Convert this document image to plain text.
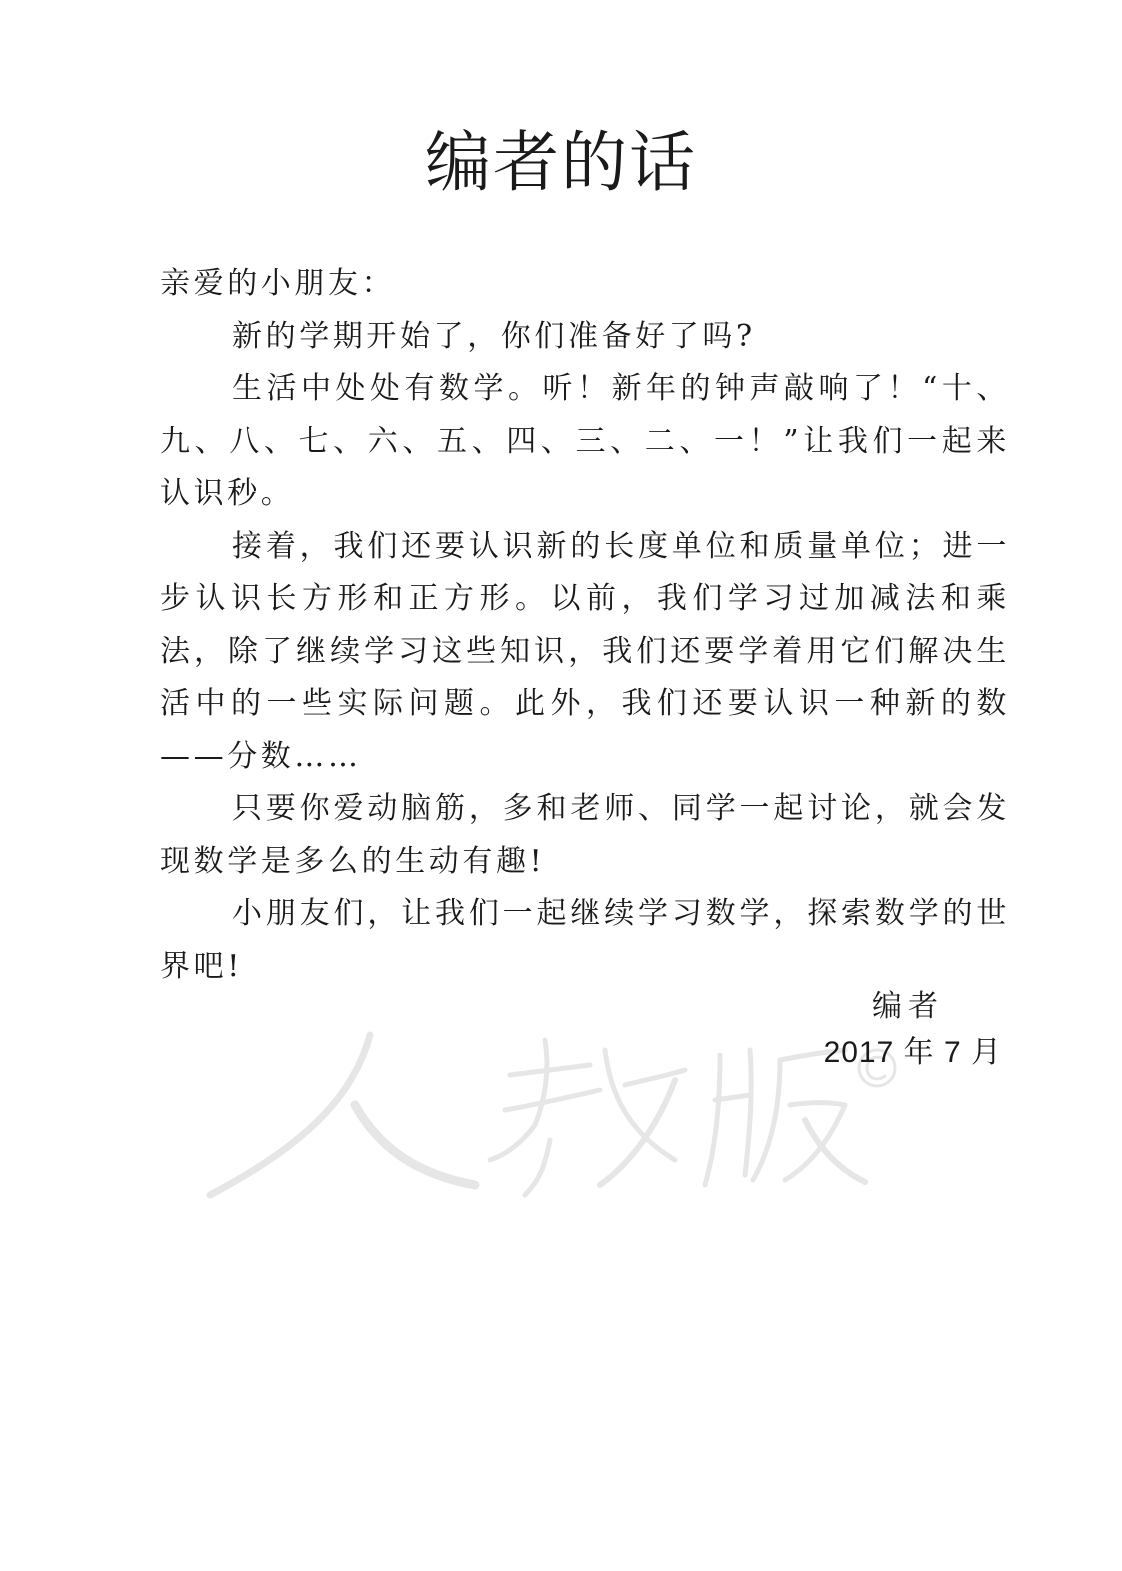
编者的话

亲爱的小朋友：

新的学期开始了，你们准备好了吗?

生活中处处有数学。听！新年的钟声敲响了！“十、九、八、七、六、五、四、三、二、一！”让我们一起来认识秒。

接着，我们还要认识新的长度单位和质量单位；进一步认识长方形和正方形。以前，我们学习过加减法和乘法，除了继续学习这些知识，我们还要学着用它们解决生活中的一些实际问题。此外，我们还要认识一种新的数——分数……

只要你爱动脑筋，多和老师、同学一起讨论，就会发现数学是多么的生动有趣!

小朋友们，让我们一起继续学习数学，探索数学的世界吧!

编者
2017 年 7 月
